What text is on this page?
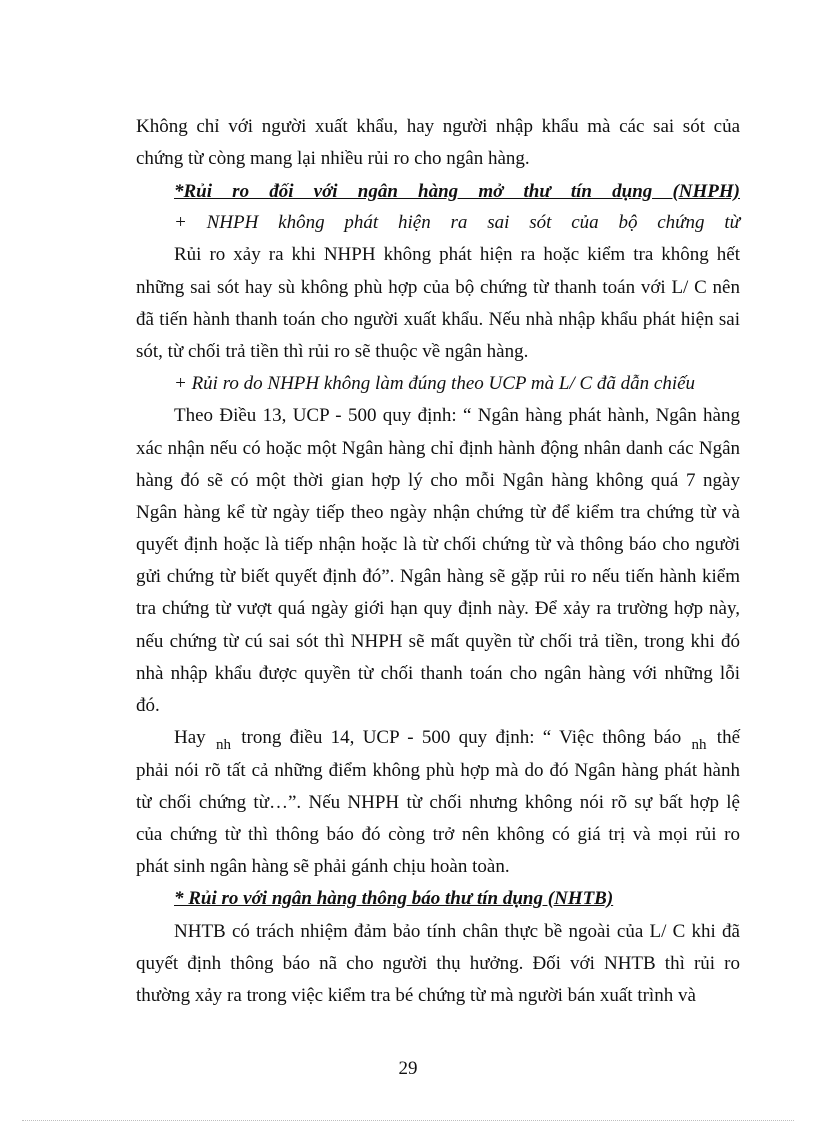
Không chỉ với người xuất khẩu, hay người nhập khẩu mà các sai sót của
chứng từ còng mang lại nhiều rủi ro cho ngân hàng.
*Rủi ro đối với ngân hàng mở thư tín dụng (NHPH)
+ NHPH không phát hiện ra sai sót của bộ chứng từ
Rủi ro xảy ra khi NHPH không phát hiện ra hoặc kiểm tra không hết
những sai sót hay sù không phù hợp của bộ chứng từ thanh toán với L/ C nên
đã tiến hành thanh toán cho người xuất khẩu. Nếu nhà nhập khẩu phát hiện sai
sót, từ chối trả tiền thì rủi ro sẽ thuộc về ngân hàng.
+ Rủi ro do NHPH không làm đúng theo UCP mà L/ C đã dẫn chiếu
Theo Điều 13, UCP - 500 quy định: “ Ngân hàng phát hành, Ngân hàng
xác nhận nếu có hoặc một Ngân hàng chỉ định hành động nhân danh các Ngân
hàng đó sẽ có một thời gian hợp lý cho mỗi Ngân hàng không quá 7 ngày
Ngân hàng kể từ ngày tiếp theo ngày nhận chứng từ để kiểm tra chứng từ và
quyết định hoặc là tiếp nhận hoặc là từ chối chứng từ và thông báo cho người
gửi chứng từ biết quyết định đó”. Ngân hàng sẽ gặp rủi ro nếu tiến hành kiểm
tra chứng từ vượt quá ngày giới hạn quy định này. Để xảy ra trường hợp này,
nếu chứng từ cú sai sót thì NHPH sẽ mất quyền từ chối trả tiền, trong khi đó
nhà nhập khẩu được quyền từ chối thanh toán cho ngân hàng với những lỗi
đó.
Hay $_{nh}$ trong điều 14, UCP - 500 quy định: “ Việc thông báo $_{nh}$ thế
phải nói rõ tất cả những điểm không phù hợp mà do đó Ngân hàng phát hành
từ chối chứng từ…”. Nếu NHPH từ chối nhưng không nói rõ sự bất hợp lệ
của chứng từ thì thông báo đó còng trở nên không có giá trị và mọi rủi ro
phát sinh ngân hàng sẽ phải gánh chịu hoàn toàn.
* Rủi ro với ngân hàng thông báo thư tín dụng (NHTB)
NHTB có trách nhiệm đảm bảo tính chân thực bề ngoài của L/ C khi đã
quyết định thông báo nã cho người thụ hưởng. Đối với NHTB thì rủi ro
thường xảy ra trong việc kiểm tra bé chứng từ mà người bán xuất trình và
29
